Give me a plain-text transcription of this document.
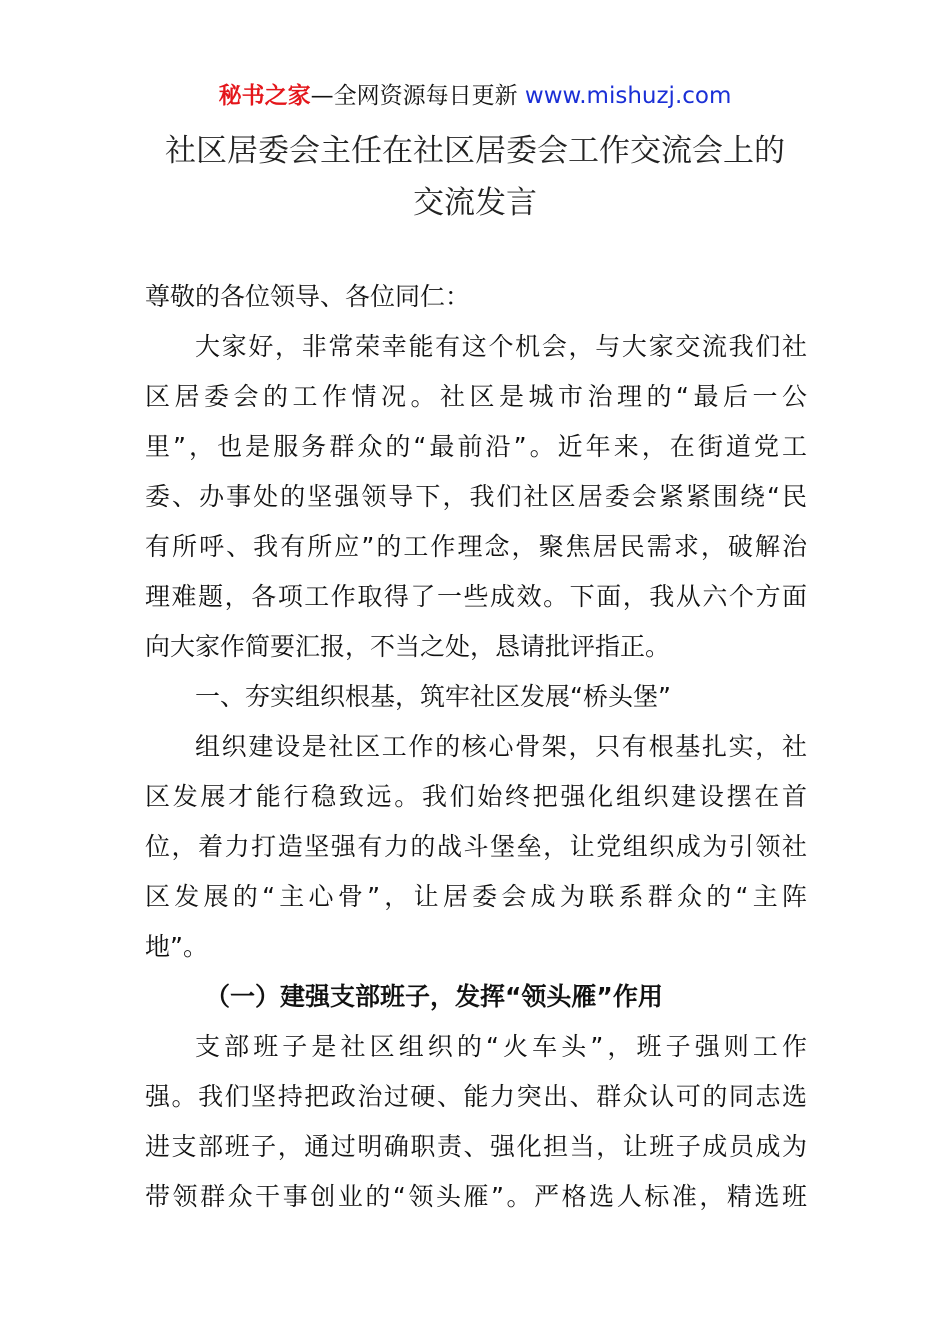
秘书之家—全网资源每日更新 www.mishuzj.com
社区居委会主任在社区居委会工作交流会上的
交流发言
尊敬的各位领导、各位同仁：
大家好，非常荣幸能有这个机会，与大家交流我们社
区居委会的工作情况。社区是城市治理的“最后一公
里”，也是服务群众的“最前沿”。近年来，在街道党工
委、办事处的坚强领导下，我们社区居委会紧紧围绕“民
有所呼、我有所应”的工作理念，聚焦居民需求，破解治
理难题，各项工作取得了一些成效。下面，我从六个方面
向大家作简要汇报，不当之处，恳请批评指正。
一、夯实组织根基，筑牢社区发展“桥头堡”
组织建设是社区工作的核心骨架，只有根基扎实，社
区发展才能行稳致远。我们始终把强化组织建设摆在首
位，着力打造坚强有力的战斗堡垒，让党组织成为引领社
区发展的“主心骨”，让居委会成为联系群众的“主阵
地”。
（一）建强支部班子，发挥“领头雁”作用
支部班子是社区组织的“火车头”，班子强则工作
强。我们坚持把政治过硬、能力突出、群众认可的同志选
进支部班子，通过明确职责、强化担当，让班子成员成为
带领群众干事创业的“领头雁”。严格选人标准，精选班
